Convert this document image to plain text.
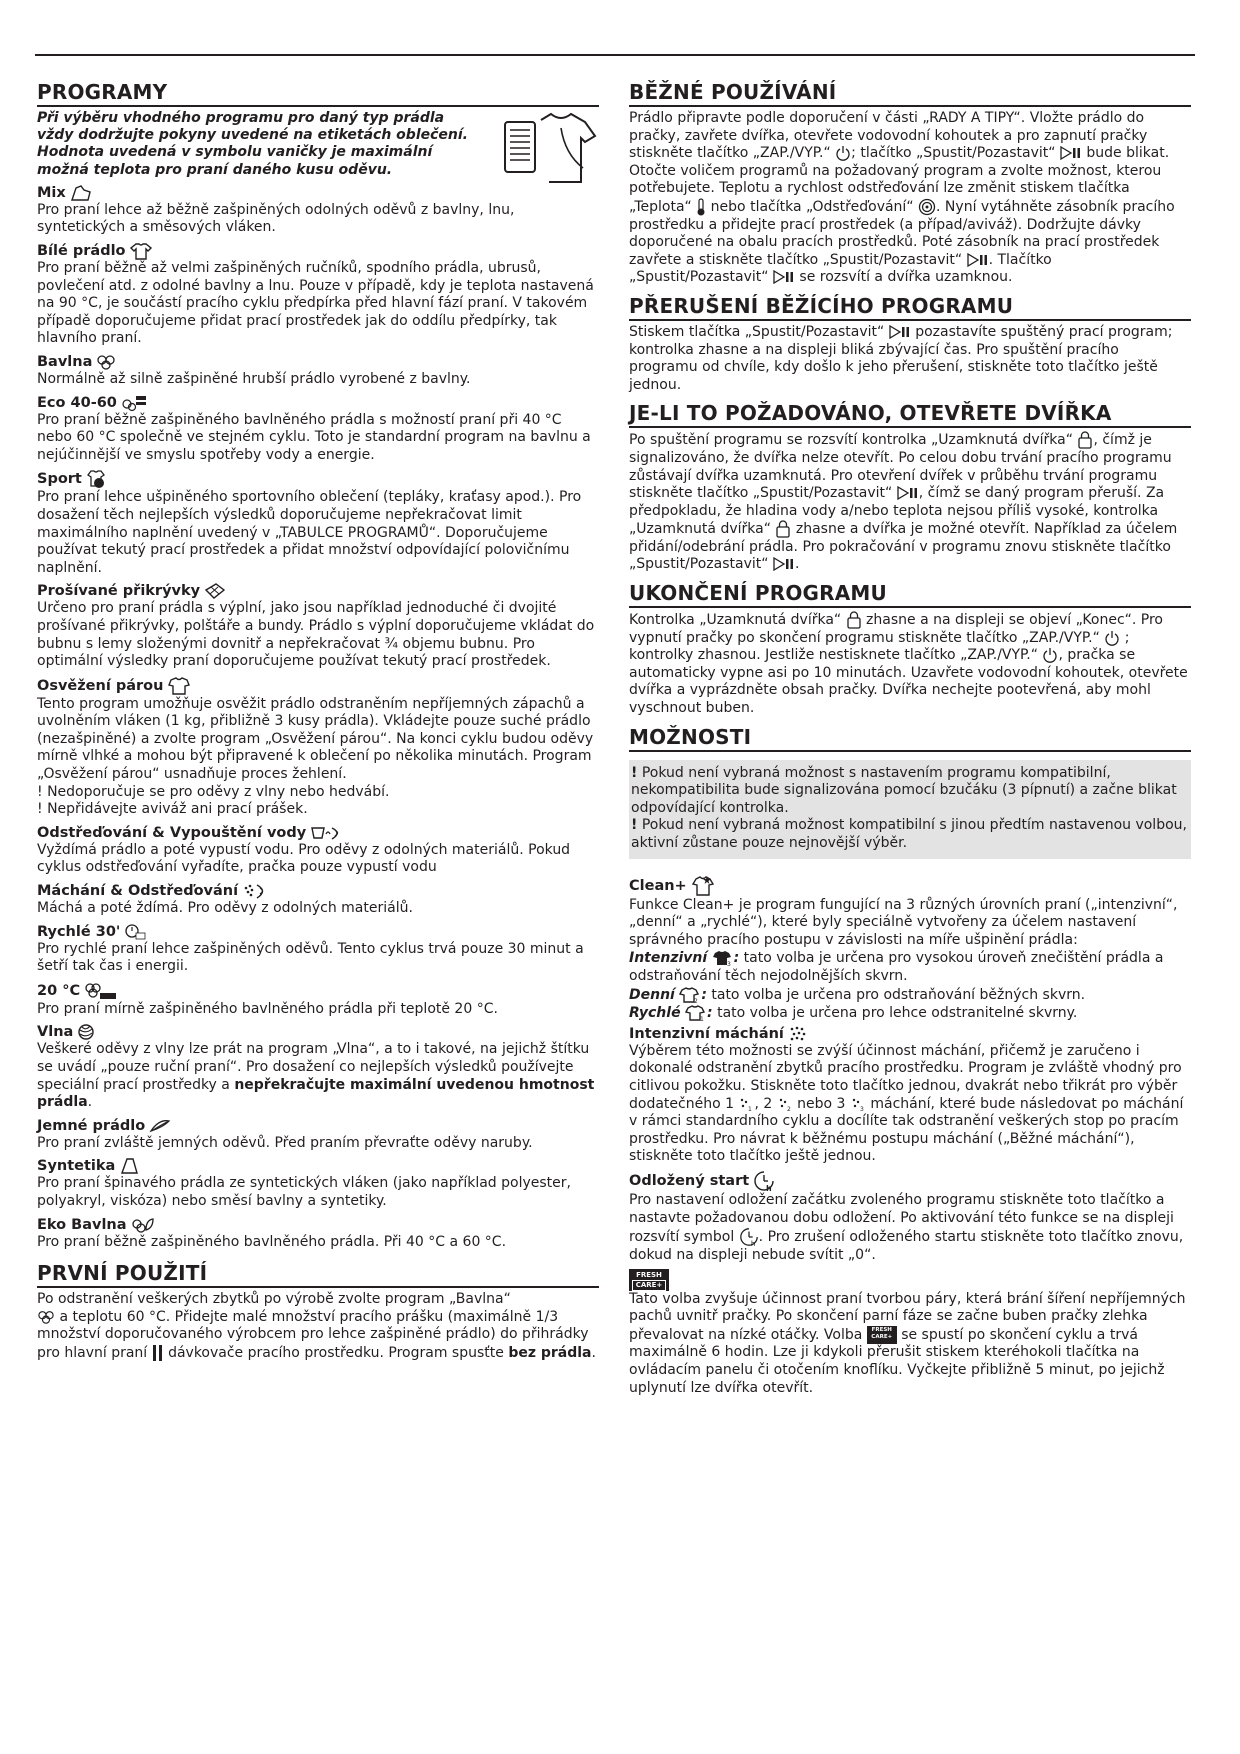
PROGRAMY

Při výběru vhodného programu pro daný typ prádla vždy dodržujte pokyny uvedené na etiketách oblečení. Hodnota uvedená v symbolu vaničky je maximální možná teplota pro praní daného kusu oděvu.

Mix

Pro praní lehce až běžně zašpiněných odolných oděvů z bavlny, lnu, syntetických a směsových vláken.

Bílé prádlo

Pro praní běžně až velmi zašpiněných ručníků, spodního prádla, ubrusů, povlečení atd. z odolné bavlny a lnu. Pouze v případě, kdy je teplota nastavená na 90 °C, je součástí pracího cyklu předpírka před hlavní fází praní. V takovém případě doporučujeme přidat prací prostředek jak do oddílu předpírky, tak hlavního praní.

Bavlna

Normálně až silně zašpiněné hrubší prádlo vyrobené z bavlny.

Eco 40-60

Pro praní běžně zašpiněného bavlněného prádla s možností praní při 40 °C nebo 60 °C společně ve stejném cyklu. Toto je standardní program na bavlnu a nejúčinnější ve smyslu spotřeby vody a energie.

Sport

Pro praní lehce ušpiněného sportovního oblečení (tepláky, kraťasy apod.). Pro dosažení těch nejlepších výsledků doporučujeme nepřekračovat limit maximálního naplnění uvedený v „TABULCE PROGRAMŮ“. Doporučujeme používat tekutý prací prostředek a přidat množství odpovídající polovičnímu naplnění.

Prošívané přikrývky

Určeno pro praní prádla s výplní, jako jsou například jednoduché či dvojité prošívané přikrývky, polštáře a bundy. Prádlo s výplní doporučujeme vkládat do bubnu s lemy složenými dovnitř a nepřekračovat ¾ objemu bubnu. Pro optimální výsledky praní doporučujeme používat tekutý prací prostředek.

Osvěžení párou

Tento program umožňuje osvěžit prádlo odstraněním nepříjemných zápachů a uvolněním vláken (1 kg, přibližně 3 kusy prádla). Vkládejte pouze suché prádlo (nezašpiněné) a zvolte program „Osvěžení párou“. Na konci cyklu budou oděvy mírně vlhké a mohou být připravené k oblečení po několika minutách. Program „Osvěžení párou“ usnadňuje proces žehlení.

! Nedoporučuje se pro oděvy z vlny nebo hedvábí.

! Nepřidávejte aviváž ani prací prášek.

Odstřeďování & Vypouštění vody

Vyždímá prádlo a poté vypustí vodu. Pro oděvy z odolných materiálů. Pokud cyklus odstřeďování vyřadíte, pračka pouze vypustí vodu

Máchání & Odstřeďování

Máchá a poté ždímá. Pro oděvy z odolných materiálů.

Rychlé 30'

Pro rychlé praní lehce zašpiněných oděvů. Tento cyklus trvá pouze 30 minut a šetří tak čas i energii.

20 °C

Pro praní mírně zašpiněného bavlněného prádla při teplotě 20 °C.

Vlna

Veškeré oděvy z vlny lze prát na program „Vlna“, a to i takové, na jejichž štítku se uvádí „pouze ruční praní“. Pro dosažení co nejlepších výsledků používejte speciální prací prostředky a nepřekračujte maximální uvedenou hmotnost prádla.

Jemné prádlo

Pro praní zvláště jemných oděvů. Před praním převraťte oděvy naruby.

Syntetika

Pro praní špinavého prádla ze syntetických vláken (jako například polyester, polyakryl, viskóza) nebo směsí bavlny a syntetiky.

Eko Bavlna

Pro praní běžně zašpiněného bavlněného prádla. Při 40 °C a 60 °C.

PRVNÍ POUŽITÍ

Po odstranění veškerých zbytků po výrobě zvolte program „Bavlna“
a teplotu 60 °C. Přidejte malé množství pracího prášku (maximálně 1/3 množství doporučovaného výrobcem pro lehce zašpiněné prádlo) do přihrádky pro hlavní praní  dávkovače pracího prostředku. Program spusťte bez prádla.

BĚŽNÉ POUŽÍVÁNÍ

Prádlo připravte podle doporučení v části „RADY A TIPY“. Vložte prádlo do pračky, zavřete dvířka, otevřete vodovodní kohoutek a pro zapnutí pračky stiskněte tlačítko „ZAP./VYP.“ ; tlačítko „Spustit/Pozastavit“  bude blikat. Otočte voličem programů na požadovaný program a zvolte možnost, kterou potřebujete. Teplotu a rychlost odstřeďování lze změnit stiskem tlačítka „Teplota“  nebo tlačítka „Odstřeďování“ . Nyní vytáhněte zásobník pracího prostředku a přidejte prací prostředek (a případ/aviváž). Dodržujte dávky doporučené na obalu pracích prostředků. Poté zásobník na prací prostředek zavřete a stiskněte tlačítko „Spustit/Pozastavit“ . Tlačítko „Spustit/Pozastavit“  se rozsvítí a dvířka uzamknou.

PŘERUŠENÍ BĚŽÍCÍHO PROGRAMU

Stiskem tlačítka „Spustit/Pozastavit“  pozastavíte spuštěný prací program; kontrolka zhasne a na displeji bliká zbývající čas. Pro spuštění pracího programu od chvíle, kdy došlo k jeho přerušení, stiskněte toto tlačítko ještě jednou.

JE-LI TO POŽADOVÁNO, OTEVŘETE DVÍŘKA

Po spuštění programu se rozsvítí kontrolka „Uzamknutá dvířka“ , čímž je signalizováno, že dvířka nelze otevřít. Po celou dobu trvání pracího programu zůstávají dvířka uzamknutá. Pro otevření dvířek v průběhu trvání programu stiskněte tlačítko „Spustit/Pozastavit“ , čímž se daný program přeruší. Za předpokladu, že hladina vody a/nebo teplota nejsou příliš vysoké, kontrolka „Uzamknutá dvířka“  zhasne a dvířka je možné otevřít. Například za účelem přidání/odebrání prádla. Pro pokračování v programu znovu stiskněte tlačítko „Spustit/Pozastavit“ .

UKONČENÍ PROGRAMU

Kontrolka „Uzamknutá dvířka“  zhasne a na displeji se objeví „Konec“. Pro vypnutí pračky po skončení programu stiskněte tlačítko „ZAP./VYP.“  ; kontrolky zhasnou. Jestliže nestisknete tlačítko „ZAP./VYP.“ , pračka se automaticky vypne asi po 10 minutách. Uzavřete vodovodní kohoutek, otevřete dvířka a vyprázdněte obsah pračky. Dvířka nechejte pootevřená, aby mohl vyschnout buben.

MOŽNOSTI

! Pokud není vybraná možnost s nastavením programu kompatibilní, nekompatibilita bude signalizována pomocí bzučáku (3 pípnutí) a začne blikat odpovídající kontrolka.

! Pokud není vybraná možnost kompatibilní s jinou předtím nastavenou volbou, aktivní zůstane pouze nejnovější výběr.

Clean+

Funkce Clean+ je program fungující na 3 různých úrovních praní („intenzivní“, „denní“ a „rychlé“), které byly speciálně vytvořeny za účelem nastavení správného pracího postupu v závislosti na míře ušpinění prádla:

Intenzivní	3 : tato volba je určena pro vysokou úroveň znečištění prádla a odstraňování těch nejodolnějších skvrn.

Denní	2 : tato volba je určena pro odstraňování běžných skvrn.

Rychlé	1 : tato volba je určena pro lehce odstranitelné skvrny.

Intenzivní máchání

Výběrem této možnosti se zvýší účinnost máchání, přičemž je zaručeno i dokonalé odstranění zbytků pracího prostředku. Program je zvláště vhodný pro citlivou pokožku. Stiskněte toto tlačítko jednou, dvakrát nebo třikrát pro výběr dodatečného 1 1 , 2 2 nebo 3 3 máchání, které bude následovat po máchání v rámci standardního cyklu a docílíte tak odstranění veškerých stop po pracím prostředku. Pro návrat k běžnému postupu máchání („Běžné máchání“), stiskněte toto tlačítko ještě jednou.

Odložený start h

Pro nastavení odložení začátku zvoleného programu stiskněte toto tlačítko a nastavte požadovanou dobu odložení. Po aktivování této funkce se na displeji rozsvítí symbol h . Pro zrušení odloženého startu stiskněte toto tlačítko znovu, dokud na displeji nebude svítit „0“.

FRESH
CARE+

Tato volba zvyšuje účinnost praní tvorbou páry, která brání šíření nepříjemných pachů uvnitř pračky. Po skončení parní fáze se začne buben pračky zlehka převalovat na nízké otáčky. Volba FRESH
CARE+ se spustí po skončení cyklu a trvá maximálně 6 hodin. Lze ji kdykoli přerušit stiskem kteréhokoli tlačítka na ovládacím panelu či otočením knoflíku. Vyčkejte přibližně 5 minut, po jejichž uplynutí lze dvířka otevřít.
